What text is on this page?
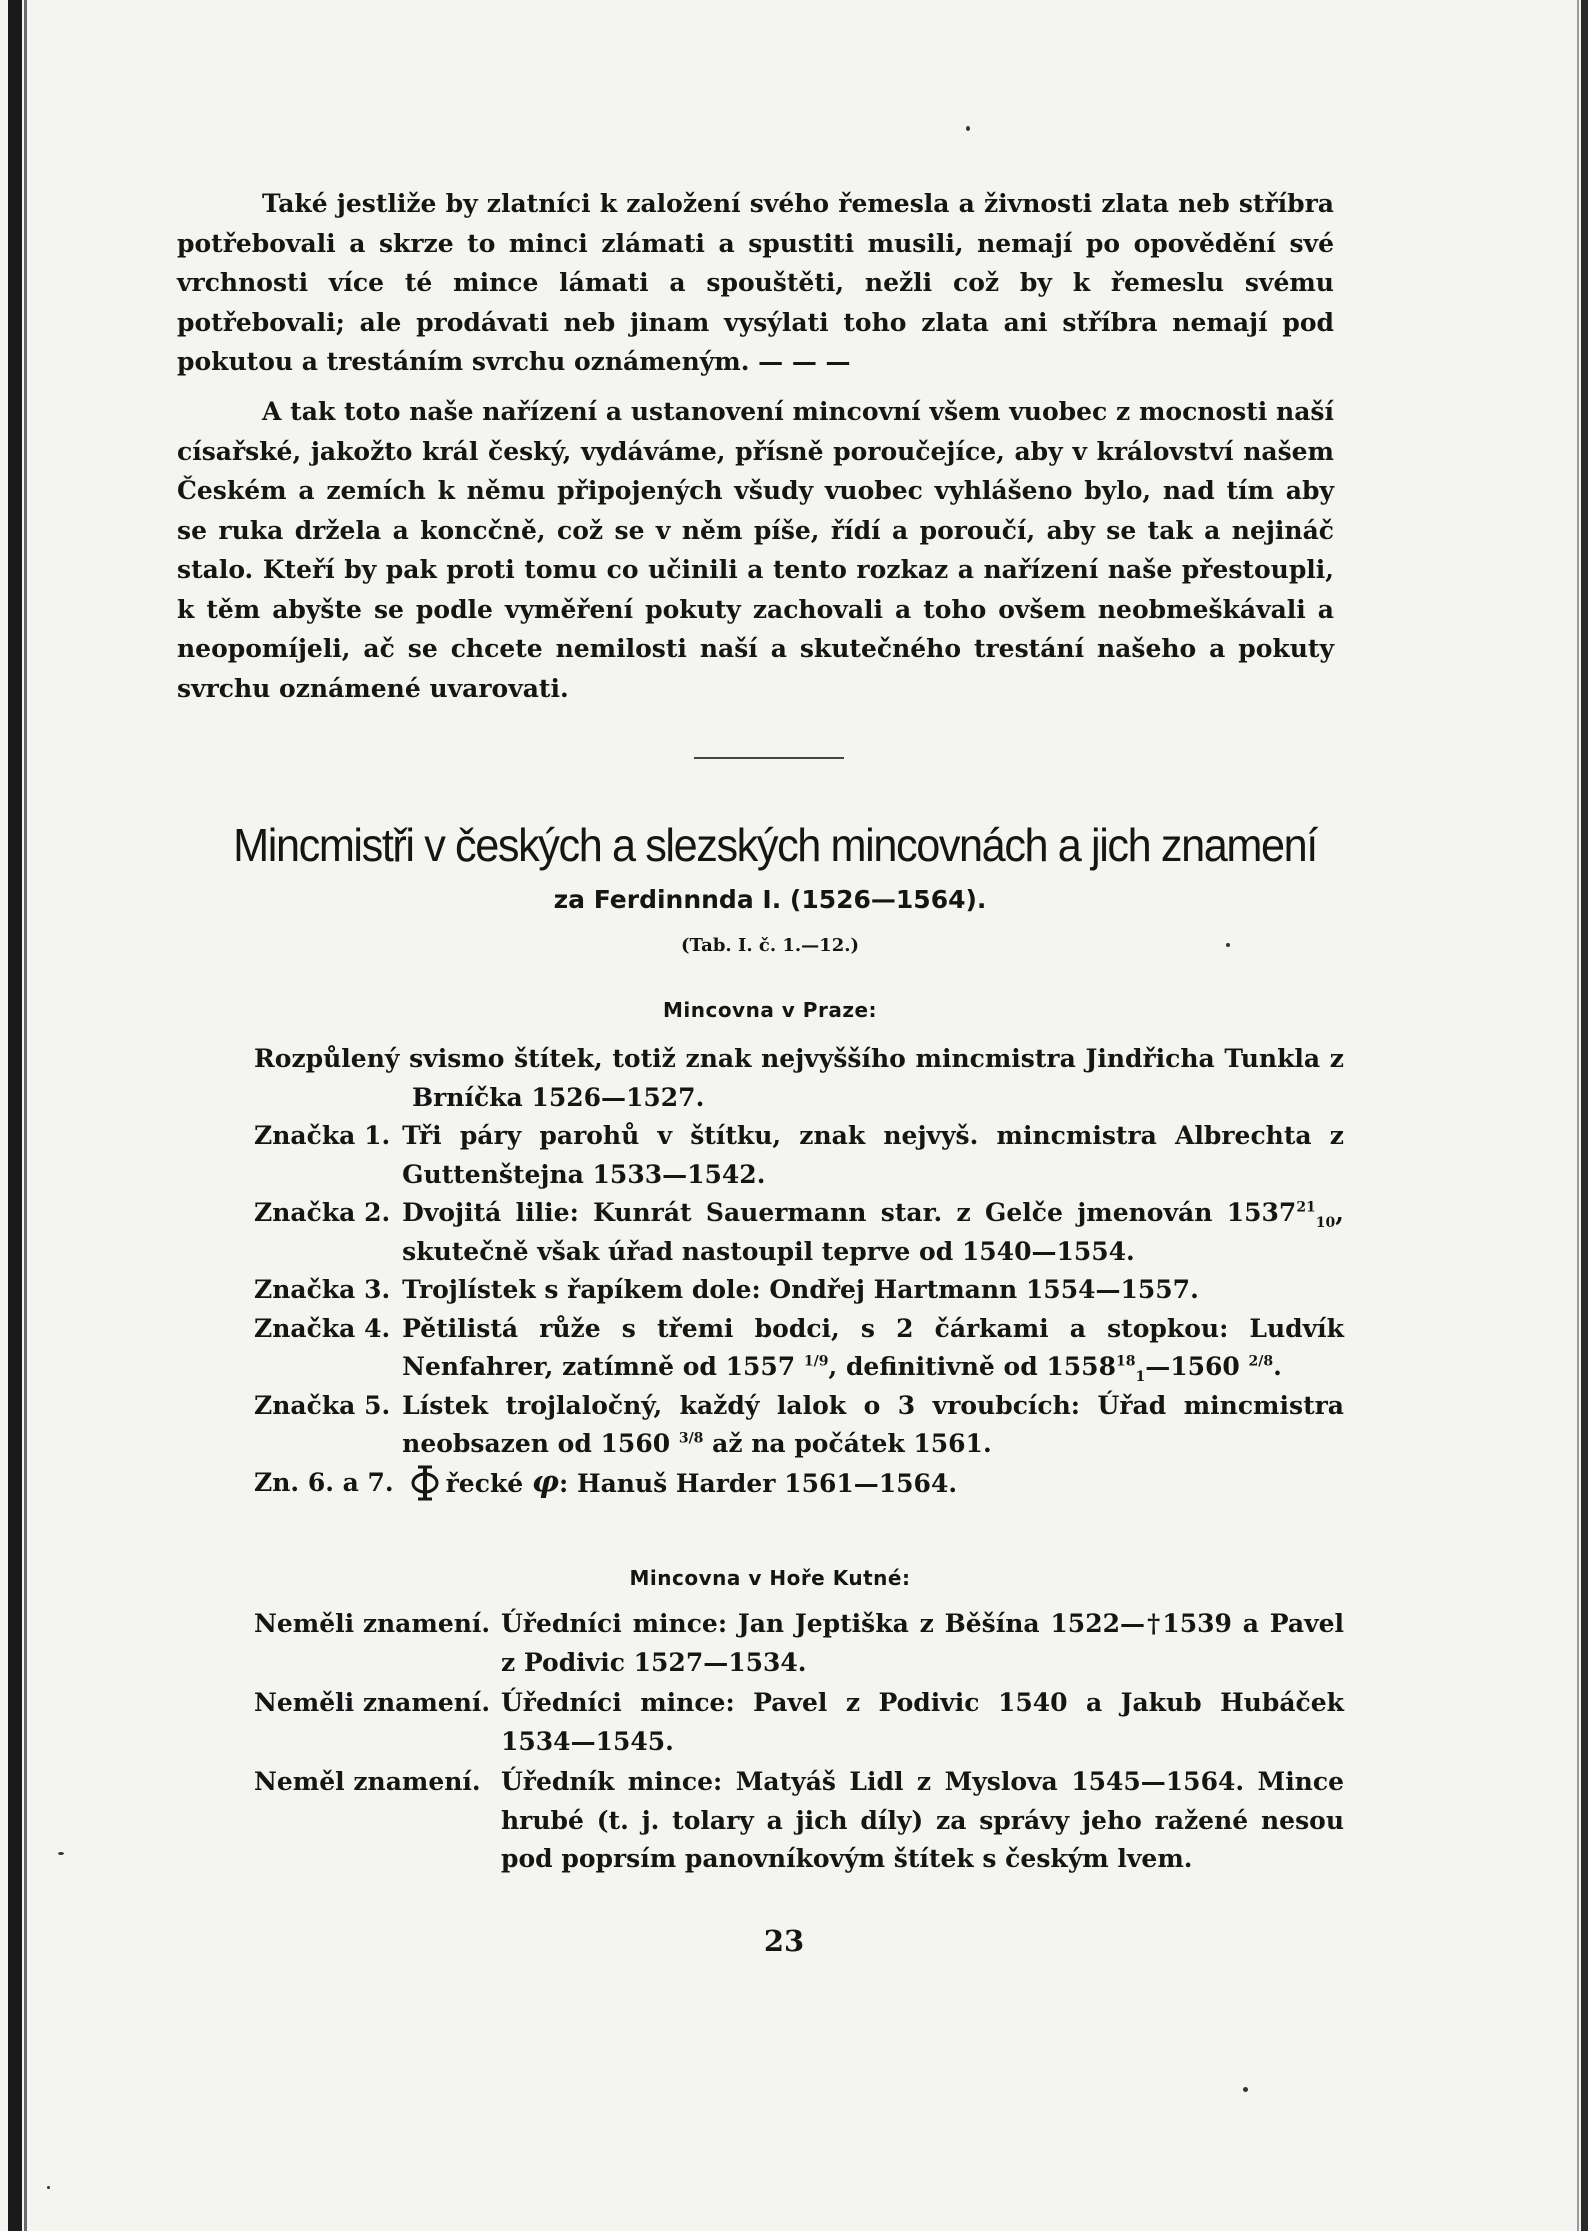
Také jestliže by zlatníci k založení svého řemesla a živnosti zlata neb stříbra potřebovali a skrze to minci zlámati a spustiti musili, nemají po opovědění své vrchnosti více té mince lámati a spouštěti, nežli což by k řemeslu svému potřebovali; ale prodávati neb jinam vysýlati toho zlata ani stříbra nemají pod pokutou a trestáním svrchu oznámeným. — — —

A tak toto naše nařízení a ustanovení mincovní všem vuobec z mocnosti naší císařské, jakožto král český, vydáváme, přísně poroučejíce, aby v království našem Českém a zemích k němu připojených všudy vuobec vyhlášeno bylo, nad tím aby se ruka držela a koncčně, což se v něm píše, řídí a poroučí, aby se tak a nejináč stalo. Kteří by pak proti tomu co učinili a tento rozkaz a nařízení naše přestoupli, k těm abyšte se podle vyměření pokuty zachovali a toho ovšem neobmeškávali a neopomíjeli, ač se chcete nemilosti naší a skutečného trestání našeho a pokuty svrchu oznámené uvarovati.

Mincmistři v českých a slezských mincovnách a jich znamení
za Ferdinnnda I. (1526—1564).
(Tab. I. č. 1.—12.)
Mincovna v Praze:
Rozpůlený svismo štítek, totiž znak nejvyššího mincmistra Jindřicha Tunkla z Brníčka 1526—1527.
Značka 1. Tři páry parohů v štítku, znak nejvyš. mincmistra Albrechta z Guttenštejna 1533—1542.
Značka 2. Dvojitá lilie: Kunrát Sauermann star. z Gelče jmenován $1537^{21}_{10}$, skutečně však úřad nastoupil teprve od 1540—1554.
Značka 3. Trojlístek s řapíkem dole: Ondřej Hartmann 1554—1557.
Značka 4. Pětilistá růže s třemi bodci, s 2 čárkami a stopkou: Ludvík Nenfahrer, zatímně od 1557 $^{1/9}$, definitivně od $1558^{18}_1—1560$ $^{2/8}$.
Značka 5. Lístek trojlaločný, každý lalok o 3 vroubcích: Úřad mincmistra neobsazen od 1560 $^{3/8}$ až na počátek 1561.
Zn. 6. a 7.	řecké φ: Hanuš Harder 1561—1564.
Mincovna v Hoře Kutné:
Neměli znamení. Úředníci mince: Jan Jeptiška z Běšína 1522—†1539 a Pavel z Podivic 1527—1534.
Neměli znamení. Úředníci mince: Pavel z Podivic 1540 a Jakub Hubáček 1534—1545.
Neměl znamení. Úředník mince: Matyáš Lidl z Myslova 1545—1564. Mince hrubé (t. j. tolary a jich díly) za správy jeho ražené nesou pod poprsím panovníkovým štítek s českým lvem.
23
